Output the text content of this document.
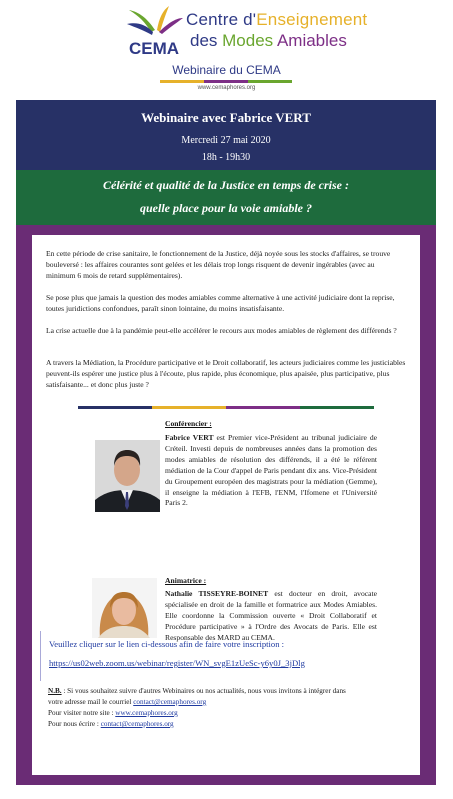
CEMA
Centre d'Enseignement
des Modes Amiables
Webinaire du CEMA
www.cemaphores.org
Webinaire avec Fabrice VERT
Mercredi 27 mai 2020
18h - 19h30
Célérité et qualité de la Justice en temps de crise :
quelle place pour la voie amiable ?

En cette période de crise sanitaire, le fonctionnement de la Justice, déjà noyée sous les stocks d'affaires, se trouve bouleversé : les affaires courantes sont gelées et les délais trop longs risquent de devenir ingérables (avec au minimum 6 mois de retard supplémentaires).

Se pose plus que jamais la question des modes amiables comme alternative à une activité judiciaire dont la reprise, toutes juridictions confondues, paraît sinon lointaine, du moins insatisfaisante.

La crise actuelle due à la pandémie peut-elle accélérer le recours aux modes amiables de règlement des différends ?

A travers la Médiation, la Procédure participative et le Droit collaboratif, les acteurs judiciaires comme les justiciables peuvent-ils espérer une justice plus à l'écoute, plus rapide, plus économique, plus apaisée, plus participative, plus satisfaisante... et donc plus juste ?

Conférencier :

Fabrice VERT est Premier vice-Président au tribunal judiciaire de Créteil. Investi depuis de nombreuses années dans la promotion des modes amiables de résolution des différends, il a été le référent médiation de la Cour d'appel de Paris pendant dix ans. Vice-Président du Groupement européen des magistrats pour la médiation (Gemme), il enseigne la médiation à l'EFB, l'ENM, l'Ifomene et l'Université Paris 2.

Animatrice :

Nathalie TISSEYRE-BOINET est docteur en droit, avocate spécialisée en droit de la famille et formatrice aux Modes Amiables. Elle coordonne la Commission ouverte « Droit Collaboratif et Procédure participative » à l'Ordre des Avocats de Paris. Elle est Responsable des MARD au CEMA.

Veuillez cliquer sur le lien ci-dessous afin de faire votre inscription :
https://us02web.zoom.us/webinar/register/WN_svgE1zUeSc-y6y0J_3jDlg

N.B. : Si vous souhaitez suivre d'autres Webinaires ou nos actualités, nous vous invitons à intégrer dans

votre adresse mail le courriel contact@cemaphores.org

Pour visiter notre site : www.cemaphores.org

Pour nous écrire : contact@cemaphores.org
